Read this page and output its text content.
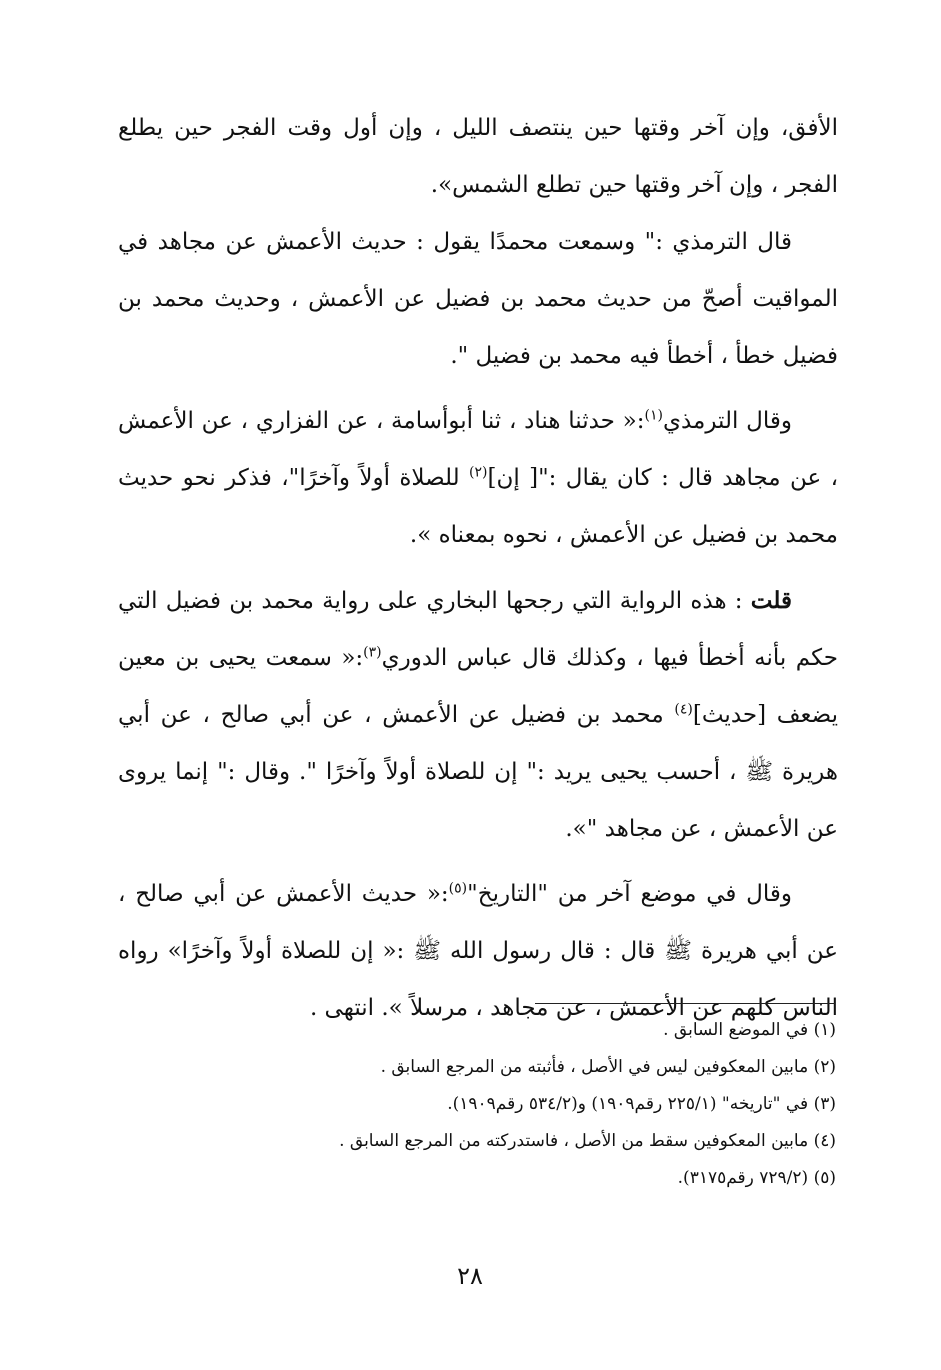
الأفق، وإن آخر وقتها حين ينتصف الليل ، وإن أول وقت الفجر حين يطلع الفجر ، وإن آخر وقتها حين تطلع الشمس».

قال الترمذي :" وسمعت محمدًا يقول : حديث الأعمش عن مجاهد في المواقيت أصحّ من حديث محمد بن فضيل عن الأعمش ، وحديث محمد بن فضيل خطأ ، أخطأ فيه محمد بن فضيل ".

وقال الترمذي$^{(١)}$:« حدثنا هناد ، ثنا أبوأسامة ، عن الفزاري ، عن الأعمش ، عن مجاهد قال : كان يقال :"[ إن]$^{(٢)}$ للصلاة أولاً وآخرًا"، فذكر نحو حديث محمد بن فضيل عن الأعمش ، نحوه بمعناه ».

قلت : هذه الرواية التي رجحها البخاري على رواية محمد بن فضيل التي حكم بأنه أخطأ فيها ، وكذلك قال عباس الدوري$^{(٣)}$:« سمعت يحيى بن معين يضعف [حديث]$^{(٤)}$ محمد بن فضيل عن الأعمش ، عن أبي صالح ، عن أبي هريرة ﷺ ، أحسب يحيى يريد :" إن للصلاة أولاً وآخرًا ". وقال :" إنما يروى عن الأعمش ، عن مجاهد "».

وقال في موضع آخر من "التاريخ"$^{(٥)}$:« حديث الأعمش عن أبي صالح ، عن أبي هريرة ﷺ قال : قال رسول الله ﷺ :« إن للصلاة أولاً وآخرًا» رواه الناس كلهم عن الأعمش ، عن مجاهد ، مرسلاً ». انتهى .

(١) في الموضع السابق .
(٢) مابين المعكوفين ليس في الأصل ، فأثبته من المرجع السابق .
(٣) في "تاريخه" (٢٢٥/١ رقم١٩٠٩) و(٥٣٤/٢ رقم١٩٠٩).
(٤) مابين المعكوفين سقط من الأصل ، فاستدركته من المرجع السابق .
(٥) (٧٢٩/٢ رقم٣١٧٥).
٢٨
